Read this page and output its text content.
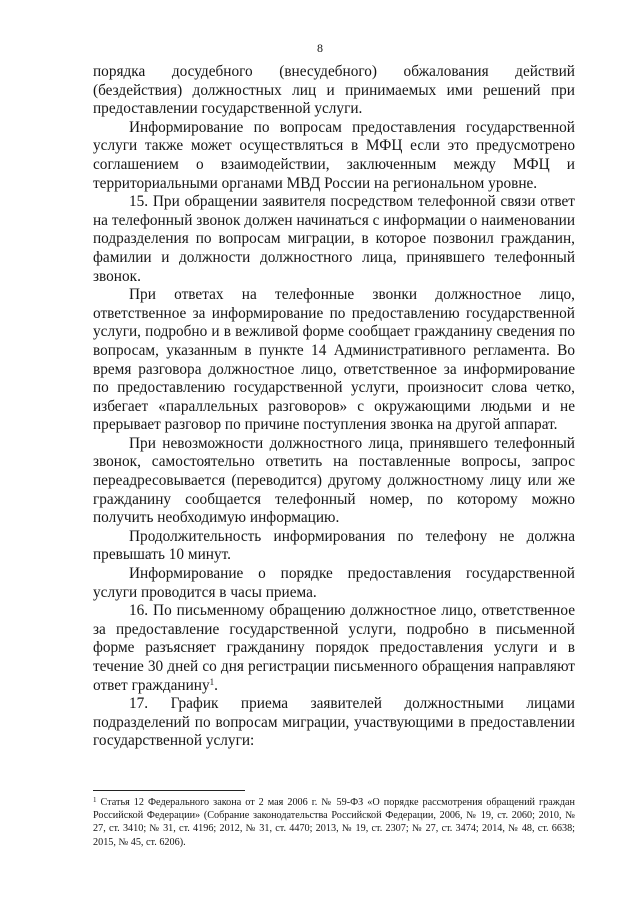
8

порядка досудебного (внесудебного) обжалования действий (бездействия) должностных лиц и принимаемых ими решений при предоставлении государственной услуги.

Информирование по вопросам предоставления государственной услуги также может осуществляться в МФЦ если это предусмотрено соглашением о взаимодействии, заключенным между МФЦ и территориальными органами МВД России на региональном уровне.

15. При обращении заявителя посредством телефонной связи ответ на телефонный звонок должен начинаться с информации о наименовании подразделения по вопросам миграции, в которое позвонил гражданин, фамилии и должности должностного лица, принявшего телефонный звонок.

При ответах на телефонные звонки должностное лицо, ответственное за информирование по предоставлению государственной услуги, подробно и в вежливой форме сообщает гражданину сведения по вопросам, указанным в пункте 14 Административного регламента. Во время разговора должностное лицо, ответственное за информирование по предоставлению государственной услуги, произносит слова четко, избегает «параллельных разговоров» с окружающими людьми и не прерывает разговор по причине поступления звонка на другой аппарат.

При невозможности должностного лица, принявшего телефонный звонок, самостоятельно ответить на поставленные вопросы, запрос переадресовывается (переводится) другому должностному лицу или же гражданину сообщается телефонный номер, по которому можно получить необходимую информацию.

Продолжительность информирования по телефону не должна превышать 10 минут.

Информирование о порядке предоставления государственной услуги проводится в часы приема.

16. По письменному обращению должностное лицо, ответственное за предоставление государственной услуги, подробно в письменной форме разъясняет гражданину порядок предоставления услуги и в течение 30 дней со дня регистрации письменного обращения направляют ответ гражданину$^1$.

17. График приема заявителей должностными лицами подразделений по вопросам миграции, участвующими в предоставлении государственной услуги:

$^1$ Статья 12 Федерального закона от 2 мая 2006 г. № 59-ФЗ «О порядке рассмотрения обращений граждан Российской Федерации» (Собрание законодательства Российской Федерации, 2006, № 19, ст. 2060; 2010, № 27, ст. 3410; № 31, ст. 4196; 2012, № 31, ст. 4470; 2013, № 19, ст. 2307; № 27, ст. 3474; 2014, № 48, ст. 6638; 2015, № 45, ст. 6206).
